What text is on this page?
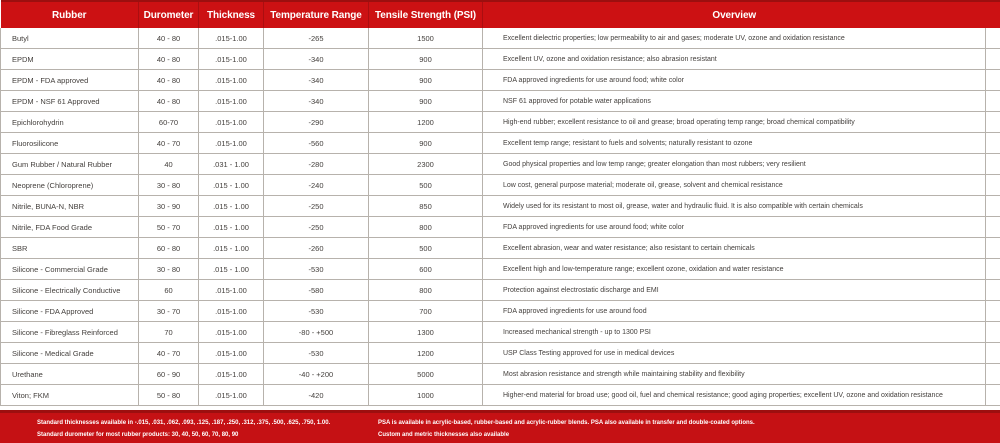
Rubber	Durometer	Thickness	Temperature Range	Tensile Strength (PSI)	Overview	
Butyl	40 - 80	.015-1.00	-265	1500	Excellent dielectric properties; low permeability to air and gases; moderate UV, ozone and oxidation resistance	
EPDM	40 - 80	.015-1.00	-340	900	Excellent UV, ozone and oxidation resistance; also abrasion resistant	
EPDM - FDA approved	40 - 80	.015-1.00	-340	900	FDA approved ingredients for use around food; white color	
EPDM - NSF 61 Approved	40 - 80	.015-1.00	-340	900	NSF 61 approved for potable water applications	
Epichlorohydrin	60-70	.015-1.00	-290	1200	High-end rubber; excellent resistance to oil and grease; broad operating temp range; broad chemical compatibility	
Fluorosilicone	40 - 70	.015-1.00	-560	900	Excellent temp range; resistant to fuels and solvents; naturally resistant to ozone	
Gum Rubber / Natural Rubber	40	.031 - 1.00	-280	2300	Good physical properties and low temp range; greater elongation than most rubbers; very resilient	
Neoprene (Chloroprene)	30 - 80	.015 - 1.00	-240	500	Low cost, general purpose material; moderate oil, grease, solvent and chemical resistance	
Nitrile, BUNA-N, NBR	30 - 90	.015 - 1.00	-250	850	Widely used for its resistant to most oil, grease, water and hydraulic fluid. It is also compatible with certain chemicals	
Nitrile, FDA Food Grade	50 - 70	.015 - 1.00	-250	800	FDA approved ingredients for use around food; white color	
SBR	60 - 80	.015 - 1.00	-260	500	Excellent abrasion, wear and water resistance; also resistant to certain chemicals	
Silicone - Commercial Grade	30 - 80	.015 - 1.00	-530	600	Excellent high and low-temperature range; excellent ozone, oxidation and water resistance	
Silicone - Electrically Conductive	60	.015-1.00	-580	800	Protection against electrostatic discharge and EMI	
Silicone - FDA Approved	30 - 70	.015-1.00	-530	700	FDA approved ingredients for use around food	
Silicone - Fibreglass Reinforced	70	.015-1.00	-80 - +500	1300	Increased mechanical strength - up to 1300 PSI	
Silicone - Medical Grade	40 - 70	.015-1.00	-530	1200	USP Class Testing approved for use in medical devices	
Urethane	60 - 90	.015-1.00	-40 - +200	5000	Most abrasion resistance and strength while maintaining stability and flexibility	
Viton; FKM	50 - 80	.015-1.00	-420	1000	Higher-end material for broad use; good oil, fuel and chemical resistance; good aging properties; excellent UV, ozone and oxidation resistance	
Standard thicknesses available in -.015, .031, .062, .093, .125, .187, .250, .312, .375, .500, .625, .750, 1.00.
Standard durometer for most rubber products: 30, 40, 50, 60, 70, 80, 90
PSA is available in acrylic-based, rubber-based and acrylic-rubber blends. PSA also available in transfer and double-coated options.
Custom and metric thicknesses also available
